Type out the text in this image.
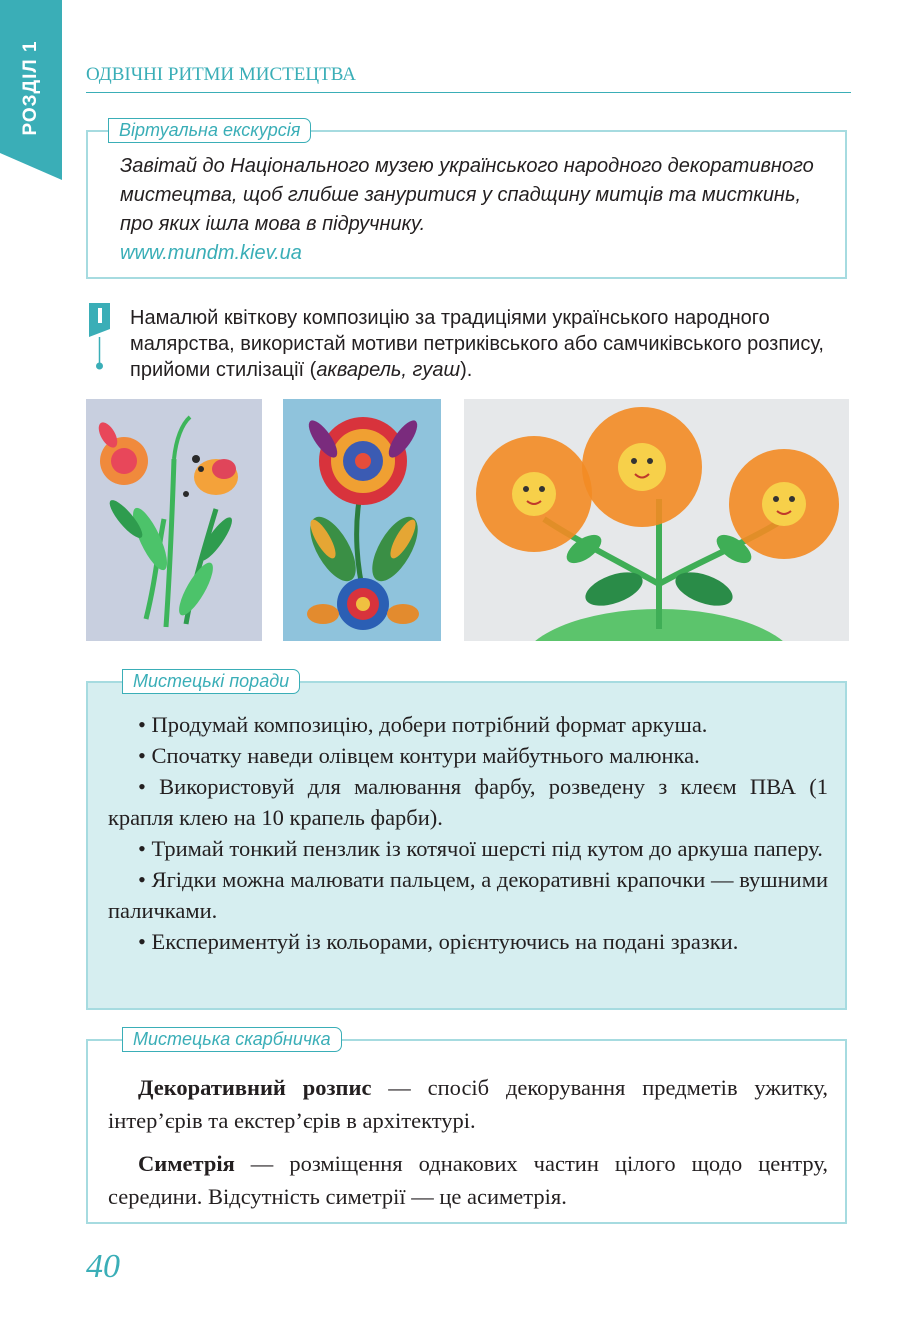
РОЗДІЛ 1 ОДВІЧНІ РИТМИ МИСТЕЦТВА
Віртуальна екскурсія
Завітай до Національного музею українського народного декоративного мистецтва, щоб глибше зануритися у спадщину митців та мисткинь, про яких ішла мова в підручнику.
www.mundm.kiev.ua
Намалюй квіткову композицію за традиціями українського народного малярства, використай мотиви петриківського або самчиківського розпису, прийоми стилізації (акварель, гуаш).
Мистецькі поради

• Продумай композицію, добери потрібний формат аркуша.

• Спочатку наведи олівцем контури майбутнього малюнка.

• Використовуй для малювання фарбу, розведену з клеєм ПВА (1 крапля клею на 10 крапель фарби).

• Тримай тонкий пензлик із котячої шерсті під кутом до аркуша паперу.

• Ягідки можна малювати пальцем, а декоративні крапочки — вушними паличками.

• Експериментуй із кольорами, орієнтуючись на подані зразки.

Мистецька скарбничка

Декоративний розпис — спосіб декорування предметів ужитку, інтер’єрів та екстер’єрів в архітектурі.

Симетрія — розміщення однакових частин цілого щодо центру, середини. Відсутність симетрії — це асиметрія.

40
